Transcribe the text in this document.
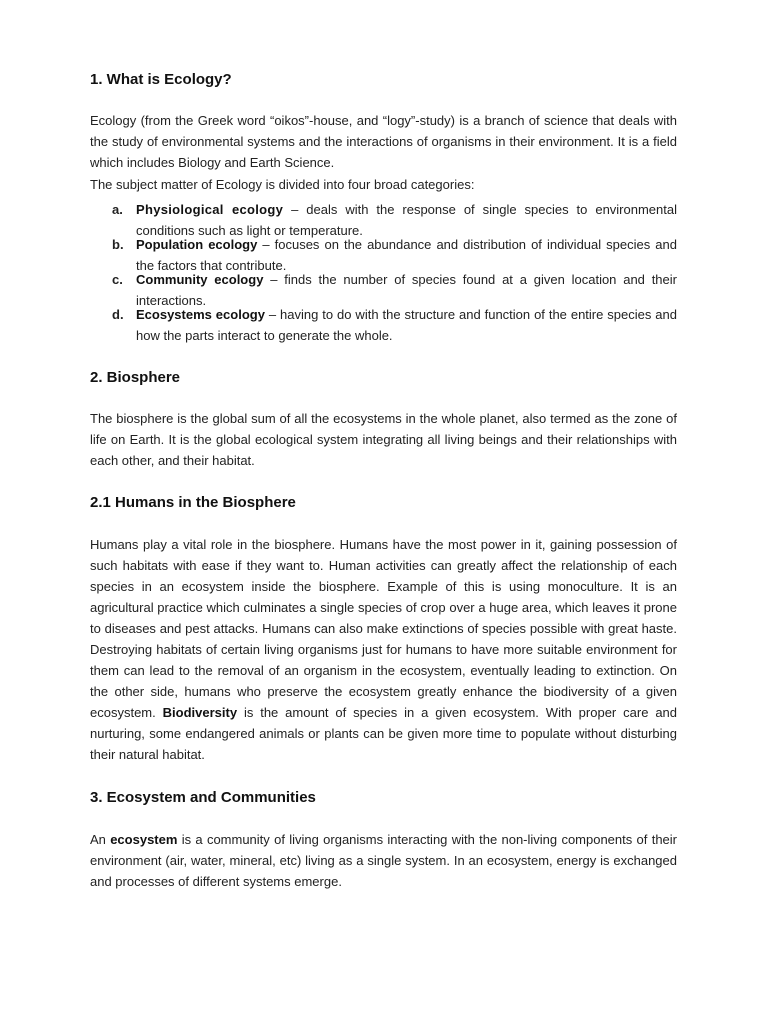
1. What is Ecology?

Ecology (from the Greek word “oikos”-house, and “logy”-study) is a branch of science that deals with the study of environmental systems and the interactions of organisms in their environment. It is a field which includes Biology and Earth Science.

The subject matter of Ecology is divided into four broad categories:

a. Physiological ecology – deals with the response of single species to environmental conditions such as light or temperature.
b. Population ecology – focuses on the abundance and distribution of individual species and the factors that contribute.
c. Community ecology – finds the number of species found at a given location and their interactions.
d. Ecosystems ecology – having to do with the structure and function of the entire species and how the parts interact to generate the whole.
2. Biosphere

The biosphere is the global sum of all the ecosystems in the whole planet, also termed as the zone of life on Earth. It is the global ecological system integrating all living beings and their relationships with each other, and their habitat.

2.1 Humans in the Biosphere

Humans play a vital role in the biosphere. Humans have the most power in it, gaining possession of such habitats with ease if they want to. Human activities can greatly affect the relationship of each species in an ecosystem inside the biosphere. Example of this is using monoculture. It is an agricultural practice which culminates a single species of crop over a huge area, which leaves it prone to diseases and pest attacks. Humans can also make extinctions of species possible with great haste. Destroying habitats of certain living organisms just for humans to have more suitable environment for them can lead to the removal of an organism in the ecosystem, eventually leading to extinction. On the other side, humans who preserve the ecosystem greatly enhance the biodiversity of a given ecosystem. Biodiversity is the amount of species in a given ecosystem. With proper care and nurturing, some endangered animals or plants can be given more time to populate without disturbing their natural habitat.

3. Ecosystem and Communities

An ecosystem is a community of living organisms interacting with the non-living components of their environment (air, water, mineral, etc) living as a single system. In an ecosystem, energy is exchanged and processes of different systems emerge.
